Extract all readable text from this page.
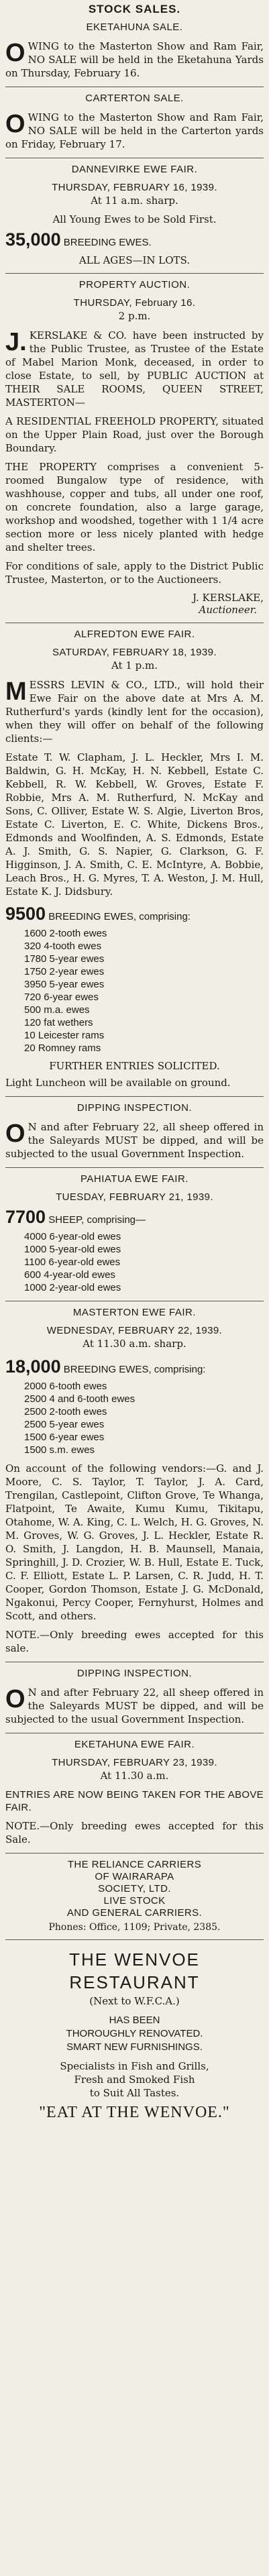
STOCK SALES.
EKETAHUNA SALE.
OWING to the Masterton Show and Ram Fair, NO SALE will be held in the Eketahuna Yards on Thursday, February 16.
CARTERTON SALE.
OWING to the Masterton Show and Ram Fair, NO SALE will be held in the Carterton yards on Friday, February 17.
DANNEVIRKE EWE FAIR.
THURSDAY, FEBRUARY 16, 1939.
At 11 a.m. sharp.
All Young Ewes to be Sold First.
35,000 BREEDING EWES.
ALL AGES—IN LOTS.
PROPERTY AUCTION.
THURSDAY, February 16.
2 p.m.
J. KERSLAKE & CO. have been instructed by the Public Trustee, as Trustee of the Estate of Mabel Marion Monk, deceased, in order to close Estate, to sell, by PUBLIC AUCTION at THEIR SALE ROOMS, QUEEN STREET, MASTERTON—
A RESIDENTIAL FREEHOLD PROPERTY, situated on the Upper Plain Road, just over the Borough Boundary.
THE PROPERTY comprises a convenient 5-roomed Bungalow type of residence, with washhouse, copper and tubs, all under one roof, on concrete foundation, also a large garage, workshop and woodshed, together with 1 1/4 acre section more or less nicely planted with hedge and shelter trees.
For conditions of sale, apply to the District Public Trustee, Masterton, or to the Auctioneers.
J. KERSLAKE,
Auctioneer.
ALFREDTON EWE FAIR.
SATURDAY, FEBRUARY 18, 1939.
At 1 p.m.
MESSRS LEVIN & CO., LTD., will hold their Ewe Fair on the above date at Mrs A. M. Rutherfurd's yards (kindly lent for the occasion), when they will offer on behalf of the following clients:—
Estate T. W. Clapham, J. L. Heckler, Mrs I. M. Baldwin, G. H. McKay, H. N. Kebbell, Estate C. Kebbell, R. W. Kebbell, W. Groves, Estate F. Robbie, Mrs A. M. Rutherfurd, N. McKay and Sons, C. Olliver, Estate W. S. Algie, Liverton Bros, Estate C. Liverton, E. C. White, Dickens Bros., Edmonds and Woolfinden, A. S. Edmonds, Estate A. J. Smith, G. S. Napier, G. Clarkson, G. F. Higginson, J. A. Smith, C. E. McIntyre, A. Bobbie, Leach Bros., H. G. Myres, T. A. Weston, J. M. Hull, Estate K. J. Didsbury.
9500 BREEDING EWES, comprising:
1600 2-tooth ewes
320 4-tooth ewes
1780 5-year ewes
1750 2-year ewes
3950 5-year ewes
720 6-year ewes
500 m.a. ewes
120 fat wethers
10 Leicester rams
20 Romney rams
FURTHER ENTRIES SOLICITED.
Light Luncheon will be available on ground.
DIPPING INSPECTION.
O N and after February 22, all sheep offered in the Saleyards MUST be dipped, and will be subjected to the usual Government Inspection.
PAHIATUA EWE FAIR.
TUESDAY, FEBRUARY 21, 1939.
7700 SHEEP, comprising—
4000 6-year-old ewes
1000 5-year-old ewes
1100 6-year-old ewes
600 4-year-old ewes
1000 2-year-old ewes
MASTERTON EWE FAIR.
WEDNESDAY, FEBRUARY 22, 1939.
At 11.30 a.m. sharp.
18,000 BREEDING EWES, comprising:
2000 6-tooth ewes
2500 4 and 6-tooth ewes
2500 2-tooth ewes
2500 5-year ewes
1500 6-year ewes
1500 s.m. ewes
On account of the following vendors:—G. and J. Moore, C. S. Taylor, T. Taylor, J. A. Card, Trengilan, Castlepoint, Clifton Grove, Te Whanga, Flatpoint, Te Awaite, Kumu Kumu, Tikitapu, Otahome, W. A. King, C. L. Welch, H. G. Groves, N. M. Groves, W. G. Groves, J. L. Heckler, Estate R. O. Smith, J. Langdon, H. B. Maunsell, Manaia, Springhill, J. D. Crozier, W. B. Hull, Estate E. Tuck, C. F. Elliott, Estate L. P. Larsen, C. R. Judd, H. T. Cooper, Gordon Thomson, Estate J. G. McDonald, Ngakonui, Percy Cooper, Fernyhurst, Holmes and Scott, and others.
NOTE.—Only breeding ewes accepted for this sale.
DIPPING INSPECTION.
O N and after February 22, all sheep offered in the Saleyards MUST be dipped, and will be subjected to the usual Government Inspection.
EKETAHUNA EWE FAIR.
THURSDAY, FEBRUARY 23, 1939.
At 11.30 a.m.
ENTRIES ARE NOW BEING TAKEN FOR THE ABOVE FAIR.
NOTE.—Only breeding ewes accepted for this Sale.
THE RELIANCE CARRIERS
OF WAIRARAPA
SOCIETY, LTD.
LIVE STOCK
AND GENERAL CARRIERS.
Phones: Office, 1109; Private, 2385.
THE WENVOE
RESTAURANT
(Next to W.F.C.A.)
HAS BEEN
THOROUGHLY RENOVATED.
SMART NEW FURNISHINGS.
Specialists in Fish and Grills,
Fresh and Smoked Fish
to Suit All Tastes.
"EAT AT THE WENVOE."
